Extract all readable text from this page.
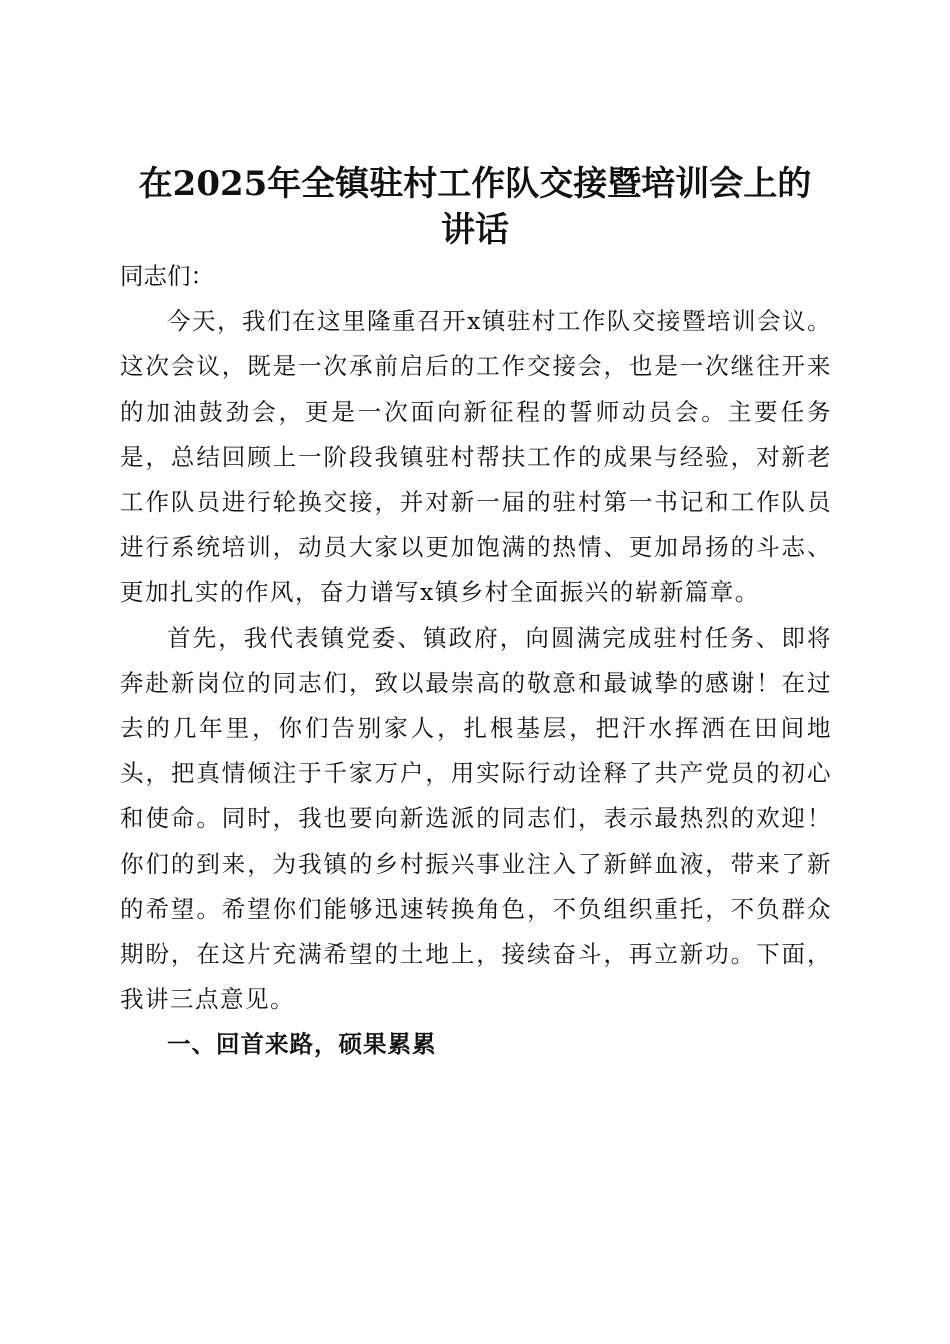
在2025年全镇驻村工作队交接暨培训会上的
讲话

同志们：

今天，我们在这里隆重召开x镇驻村工作队交接暨培训会议。这次会议，既是一次承前启后的工作交接会，也是一次继往开来的加油鼓劲会，更是一次面向新征程的誓师动员会。主要任务是，总结回顾上一阶段我镇驻村帮扶工作的成果与经验，对新老工作队员进行轮换交接，并对新一届的驻村第一书记和工作队员进行系统培训，动员大家以更加饱满的热情、更加昂扬的斗志、更加扎实的作风，奋力谱写x镇乡村全面振兴的崭新篇章。

首先，我代表镇党委、镇政府，向圆满完成驻村任务、即将奔赴新岗位的同志们，致以最崇高的敬意和最诚挚的感谢！在过去的几年里，你们告别家人，扎根基层，把汗水挥洒在田间地头，把真情倾注于千家万户，用实际行动诠释了共产党员的初心和使命。同时，我也要向新选派的同志们，表示最热烈的欢迎！你们的到来，为我镇的乡村振兴事业注入了新鲜血液，带来了新的希望。希望你们能够迅速转换角色，不负组织重托，不负群众期盼，在这片充满希望的土地上，接续奋斗，再立新功。下面，我讲三点意见。

一、回首来路，硕果累累
